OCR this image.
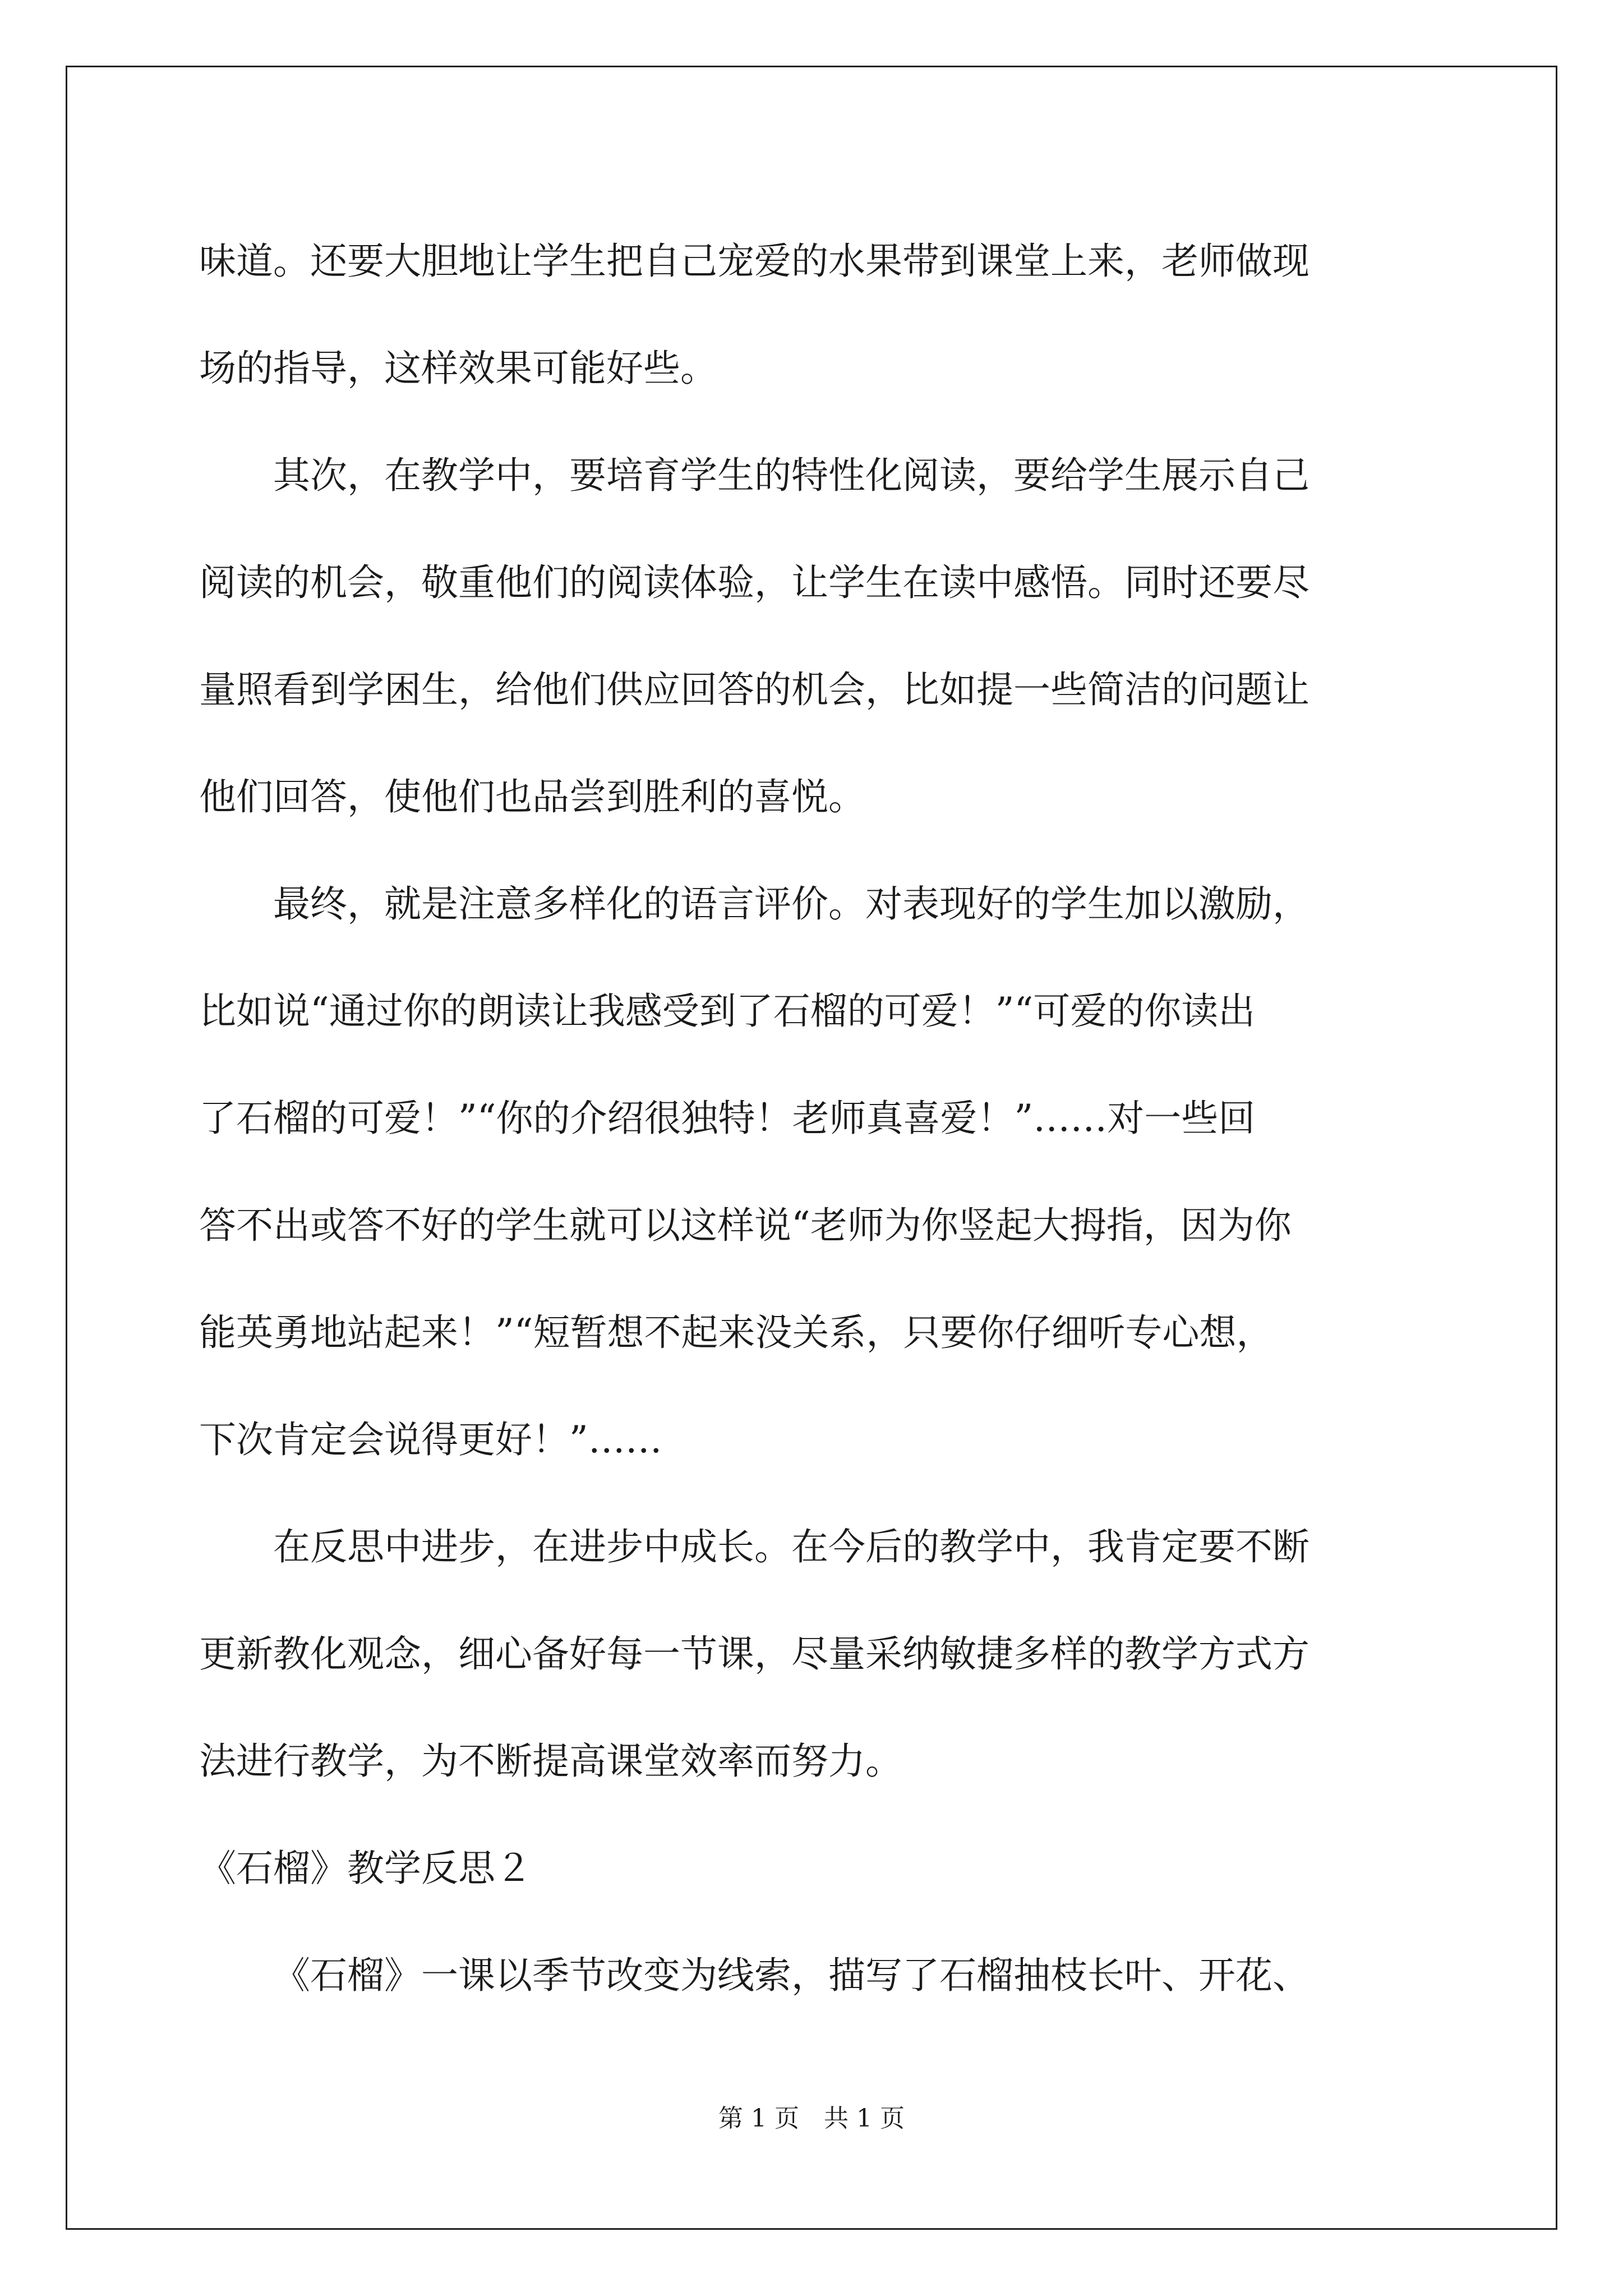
味道。还要大胆地让学生把自己宠爱的水果带到课堂上来，老师做现

场的指导，这样效果可能好些。

其次，在教学中，要培育学生的特性化阅读，要给学生展示自己

阅读的机会，敬重他们的阅读体验，让学生在读中感悟。同时还要尽

量照看到学困生，给他们供应回答的机会，比如提一些简洁的问题让

他们回答，使他们也品尝到胜利的喜悦。

最终，就是注意多样化的语言评价。对表现好的学生加以激励，

比如说“通过你的朗读让我感受到了石榴的可爱！”“可爱的你读出

了石榴的可爱！”“你的介绍很独特！老师真喜爱！”……对一些回

答不出或答不好的学生就可以这样说“老师为你竖起大拇指，因为你

能英勇地站起来！”“短暂想不起来没关系，只要你仔细听专心想，

下次肯定会说得更好！”……

在反思中进步，在进步中成长。在今后的教学中，我肯定要不断

更新教化观念，细心备好每一节课，尽量采纳敏捷多样的教学方式方

法进行教学，为不断提高课堂效率而努力。

《石榴》教学反思２

《石榴》一课以季节改变为线索，描写了石榴抽枝长叶、开花、

第 1 页　共 1 页
